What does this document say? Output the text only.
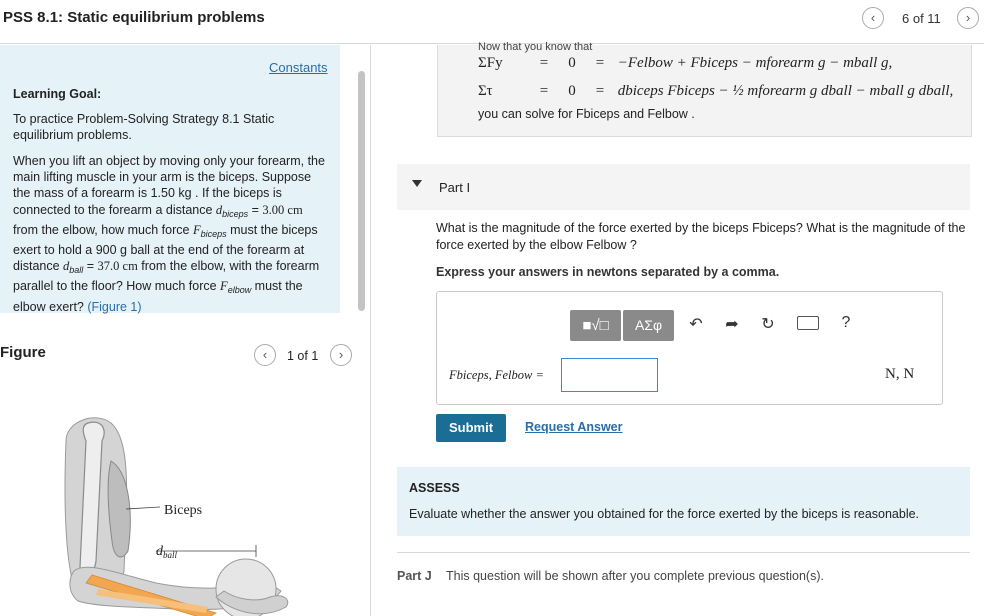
PSS 8.1: Static equilibrium problems	‹	6 of 11	›
Constants
Learning Goal:
To practice Problem-Solving Strategy 8.1 Static equilibrium problems.
When you lift an object by moving only your forearm, the main lifting muscle in your arm is the biceps. Suppose the mass of a forearm is 1.50 kg . If the biceps is connected to the forearm a distance $d_{biceps} = 3.00$ cm from the elbow, how much force $F_{biceps}$ must the biceps exert to hold a 900 g ball at the end of the forearm at distance $d_{ball} = 37.0$ cm from the elbow, with the forearm parallel to the floor? How much force $F_{elbow}$ must the elbow exert? (Figure 1)
Figure	‹	1 of 1	›
Biceps
$d_{ball}$
Now that you know that
ΣFy = 0 = −Felbow + Fbiceps − mforearm g − mball g,
Στ	= 0 = dbiceps Fbiceps − ½ mforearm g dball − mball g dball,
you can solve for Fbiceps and Felbow .
Part I
What is the magnitude of the force exerted by the biceps Fbiceps? What is the magnitude of the force exerted by the elbow Felbow ?
Express your answers in newtons separated by a comma.
■√□	ΑΣφ	↶ ➦ ↻	?
Fbiceps, Felbow =	N, N
Submit	Request Answer
ASSESS
Evaluate whether the answer you obtained for the force exerted by the biceps is reasonable.
Part J This question will be shown after you complete previous question(s).
